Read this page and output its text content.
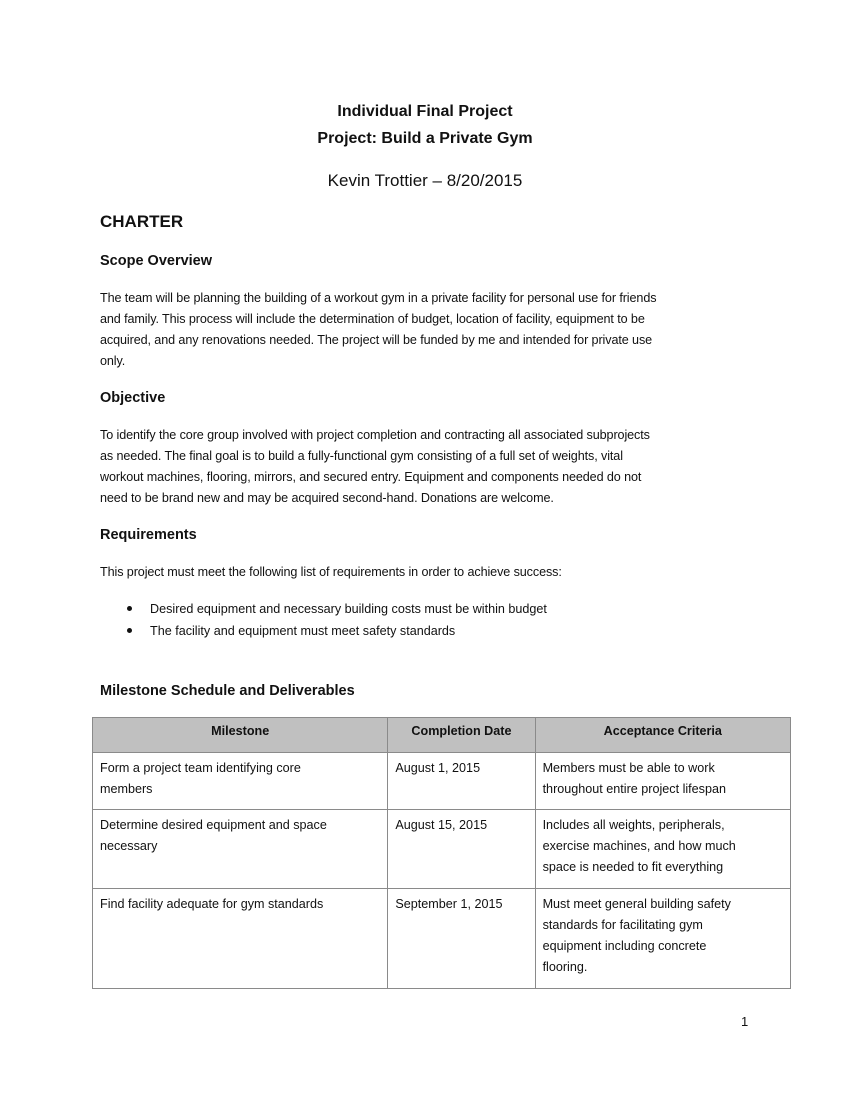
Individual Final Project
Project: Build a Private Gym
Kevin Trottier – 8/20/2015
CHARTER
Scope Overview
The team will be planning the building of a workout gym in a private facility for personal use for friends
and family. This process will include the determination of budget, location of facility, equipment to be
acquired, and any renovations needed. The project will be funded by me and intended for private use
only.
Objective
To identify the core group involved with project completion and contracting all associated subprojects
as needed. The final goal is to build a fully-functional gym consisting of a full set of weights, vital
workout machines, flooring, mirrors, and secured entry. Equipment and components needed do not
need to be brand new and may be acquired second-hand. Donations are welcome.
Requirements
This project must meet the following list of requirements in order to achieve success:
Desired equipment and necessary building costs must be within budget
The facility and equipment must meet safety standards
Milestone Schedule and Deliverables
Milestone	Completion Date	Acceptance Criteria

Form a project team identifying core
members	August 1, 2015	Members must be able to work
throughout entire project lifespan

Determine desired equipment and space
necessary	August 15, 2015	Includes all weights, peripherals,
exercise machines, and how much
space is needed to fit everything

Find facility adequate for gym standards	September 1, 2015	Must meet general building safety
standards for facilitating gym
equipment including concrete
flooring.
1
